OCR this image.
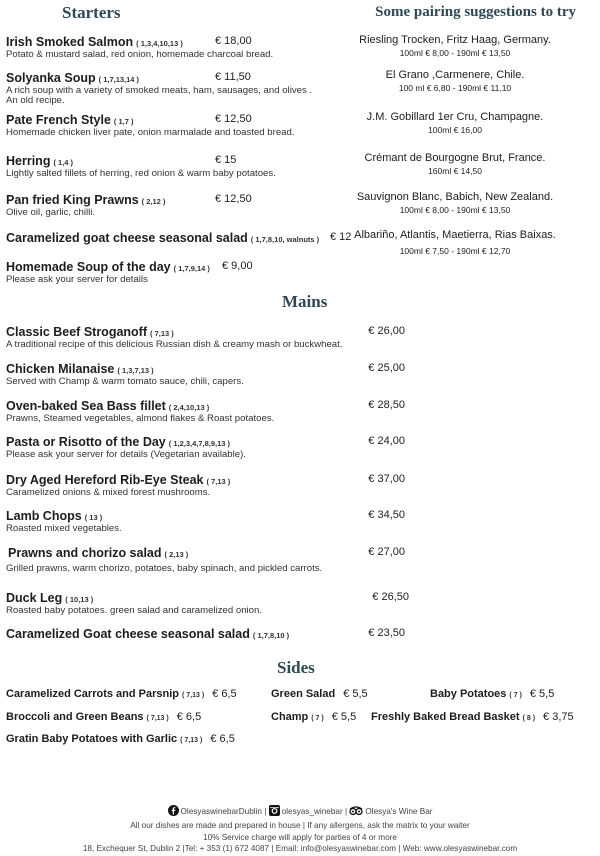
Starters	Some pairing suggestions to try
Mains
Sides
Irish Smoked Salmon ( 1,3,4,10,13 )	€ 18,00
Potato & mustard salad, red onion, homemade charcoal bread.
Solyanka Soup ( 1,7,13,14 )	€ 11,50
A rich soup with a variety of smoked meats, ham, sausages, and olives .
An old recipe.
Pate French Style ( 1,7 )	€ 12,50
Homemade chicken liver pate, onion marmalade and toasted bread.
Herring ( 1,4 )	€ 15
Lightly salted fillets of herring, red onion & warm baby potatoes.
Pan fried King Prawns ( 2,12 )	€ 12,50
Olive oil, garlic, chilli.
Caramelized goat cheese seasonal salad ( 1,7,8,10, walnuts ) € 12
Homemade Soup of the day ( 1,7,9,14 ) € 9,00
Please ask your server for details
Riesling Trocken, Fritz Haag, Germany.
100ml € 8,00 - 190ml € 13,50
El Grano ,Carmenere, Chile.
100 ml € 6,80 - 190ml € 11,10
J.M. Gobillard 1er Cru, Champagne.
100ml € 16,00
Crémant de Bourgogne Brut, France.
160ml € 14,50
Sauvignon Blanc, Babich, New Zealand.
100ml € 8,00 - 190ml € 13,50
Albariño, Atlantis, Maetierra, Rias Baixas.
100ml € 7,50 - 190ml € 12,70
Classic Beef Stroganoff ( 7,13 )	€ 26,00
A traditional recipe of this delicious Russian dish & creamy mash or buckwheat.
Chicken Milanaise ( 1,3,7,13 )	€ 25,00
Served with Champ & warm tomato sauce, chili, capers.
Oven-baked Sea Bass fillet ( 2,4,10,13 )	€ 28,50
Prawns, Steamed vegetables, almond flakes & Roast potatoes.
Pasta or Risotto of the Day ( 1,2,3,4,7,8,9,13 )	€ 24,00
Please ask your server for details (Vegetarian available).
Dry Aged Hereford Rib-Eye Steak ( 7,13 )	€ 37,00
Caramelized onions & mixed forest mushrooms.
Lamb Chops ( 13 )	€ 34,50
Roasted mixed vegetables.
Prawns and chorizo salad ( 2,13 )	€ 27,00
Grilled prawns, warm chorizo, potatoes, baby spinach, and pickled carrots.
Duck Leg ( 10,13 )	€ 26,50
Roasted baby potatoes. green salad and caramelized onion.
Caramelized Goat cheese seasonal salad ( 1,7,8,10 )	€ 23,50
Caramelized Carrots and Parsnip ( 7,13 ) € 6,5	Green Salad € 5,5	Baby Potatoes ( 7 ) € 5,5
Broccoli and Green Beans ( 7,13 ) € 6,5	Champ ( 7 ) € 5,5 Freshly Baked Bread Basket ( 8 ) € 3,75
Gratin Baby Potatoes with Garlic ( 7,13 ) € 6,5
OlesyaswinebarDublin | olesyas_winebar | Olesya's Wine Bar
All our dishes are made and prepared in house | If any allergens, ask the matrix to your waiter
10% Service charge will apply for parties of 4 or more
18, Exchequer St, Dublin 2 |Tel: + 353 (1) 672 4087 | Email: info@olesyaswinebar.com | Web: www.olesyaswinebar.com
